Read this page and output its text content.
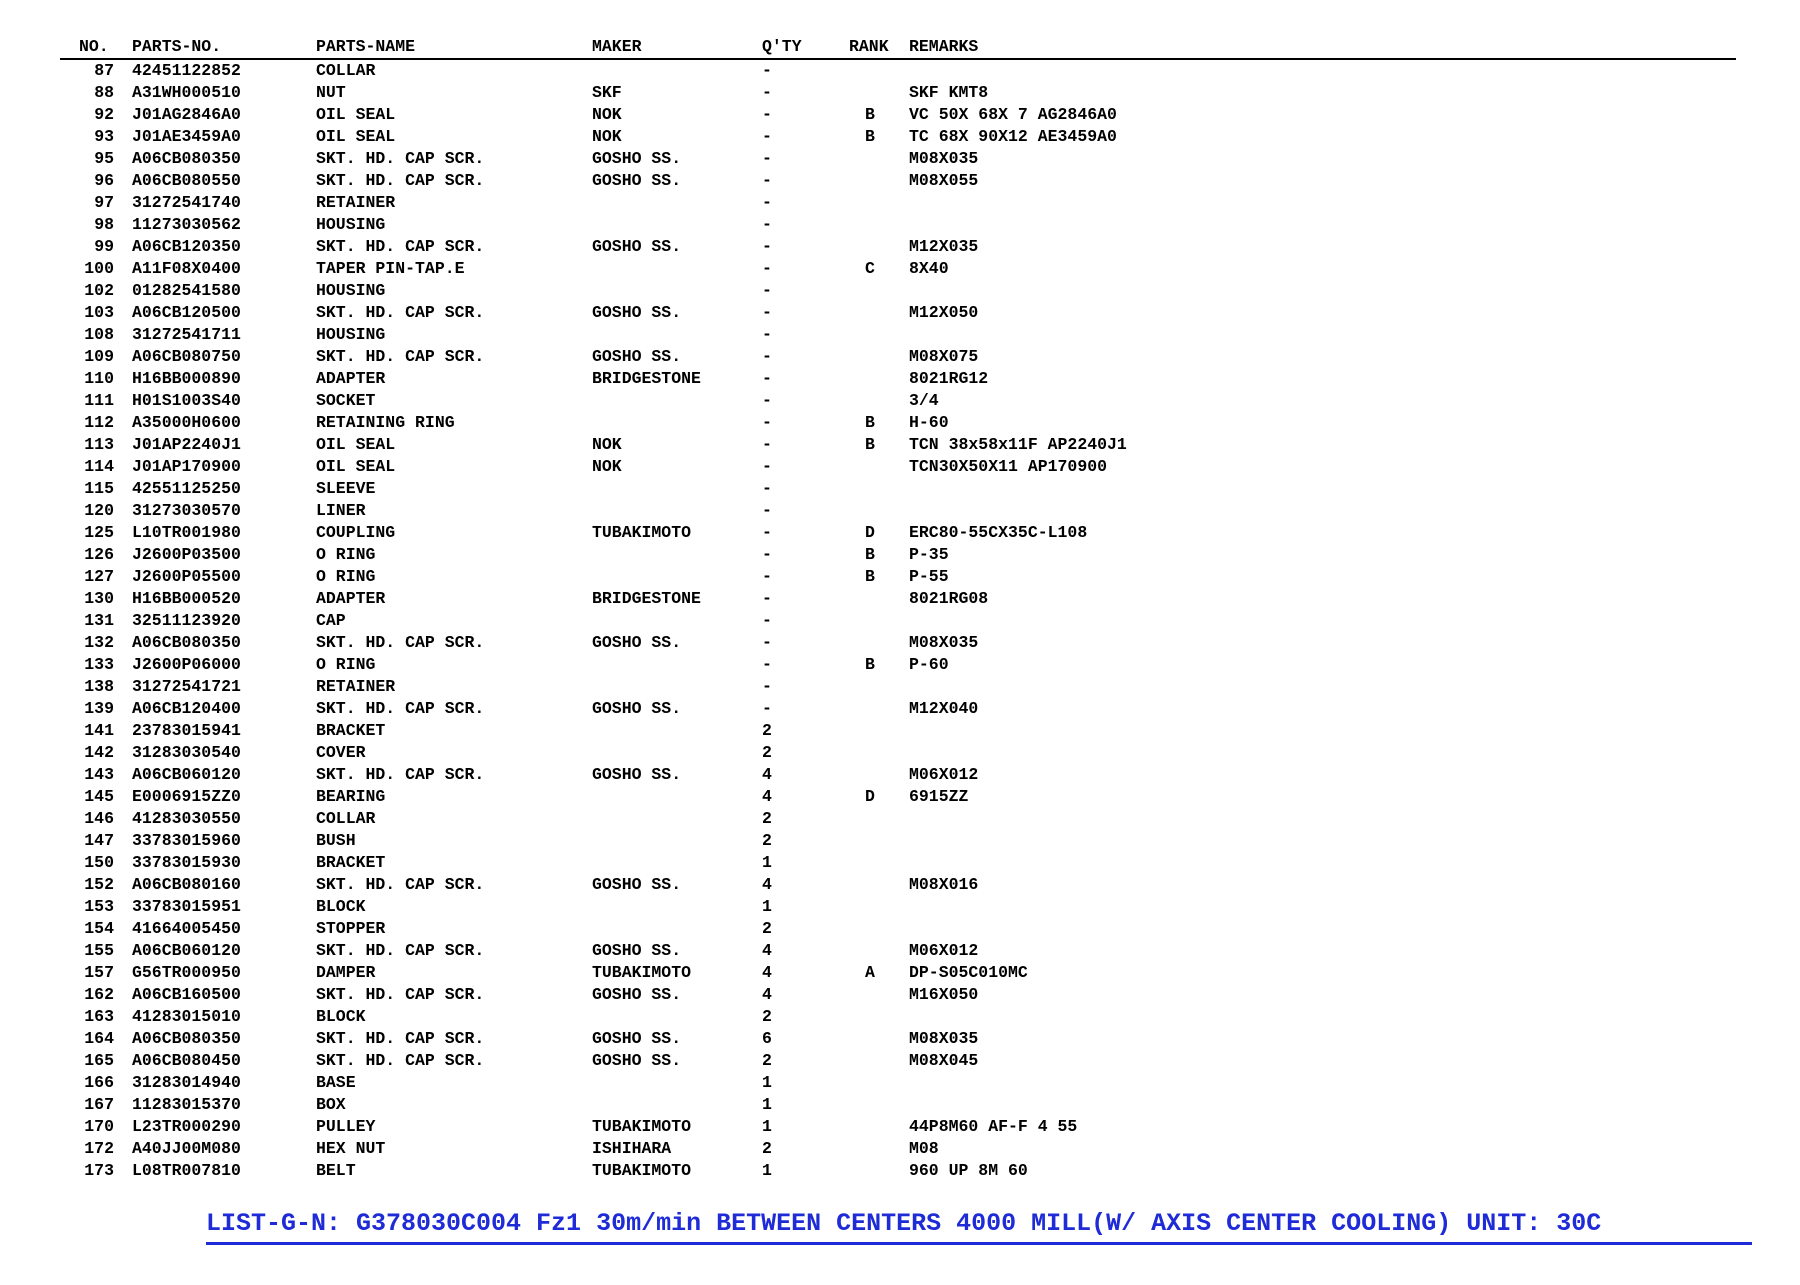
NO.	PARTS-NO.	PARTS-NAME	MAKER	Q'TY	RANK	REMARKS
87	42451122852	COLLAR		-		
88	A31WH000510	NUT	SKF	-		SKF KMT8
92	J01AG2846A0	OIL SEAL	NOK	-	B	VC 50X 68X 7 AG2846A0
93	J01AE3459A0	OIL SEAL	NOK	-	B	TC 68X 90X12 AE3459A0
95	A06CB080350	SKT. HD. CAP SCR.	GOSHO SS.	-		M08X035
96	A06CB080550	SKT. HD. CAP SCR.	GOSHO SS.	-		M08X055
97	31272541740	RETAINER		-		
98	11273030562	HOUSING		-		
99	A06CB120350	SKT. HD. CAP SCR.	GOSHO SS.	-		M12X035
100	A11F08X0400	TAPER PIN-TAP.E		-	C	8X40
102	01282541580	HOUSING		-		
103	A06CB120500	SKT. HD. CAP SCR.	GOSHO SS.	-		M12X050
108	31272541711	HOUSING		-		
109	A06CB080750	SKT. HD. CAP SCR.	GOSHO SS.	-		M08X075
110	H16BB000890	ADAPTER	BRIDGESTONE	-		8021RG12
111	H01S1003S40	SOCKET		-		3/4
112	A35000H0600	RETAINING RING		-	B	H-60
113	J01AP2240J1	OIL SEAL	NOK	-	B	TCN 38x58x11F AP2240J1
114	J01AP170900	OIL SEAL	NOK	-		TCN30X50X11 AP170900
115	42551125250	SLEEVE		-		
120	31273030570	LINER		-		
125	L10TR001980	COUPLING	TUBAKIMOTO	-	D	ERC80-55CX35C-L108
126	J2600P03500	O RING		-	B	P-35
127	J2600P05500	O RING		-	B	P-55
130	H16BB000520	ADAPTER	BRIDGESTONE	-		8021RG08
131	32511123920	CAP		-		
132	A06CB080350	SKT. HD. CAP SCR.	GOSHO SS.	-		M08X035
133	J2600P06000	O RING		-	B	P-60
138	31272541721	RETAINER		-		
139	A06CB120400	SKT. HD. CAP SCR.	GOSHO SS.	-		M12X040
141	23783015941	BRACKET		2		
142	31283030540	COVER		2		
143	A06CB060120	SKT. HD. CAP SCR.	GOSHO SS.	4		M06X012
145	E0006915ZZ0	BEARING		4	D	6915ZZ
146	41283030550	COLLAR		2		
147	33783015960	BUSH		2		
150	33783015930	BRACKET		1		
152	A06CB080160	SKT. HD. CAP SCR.	GOSHO SS.	4		M08X016
153	33783015951	BLOCK		1		
154	41664005450	STOPPER		2		
155	A06CB060120	SKT. HD. CAP SCR.	GOSHO SS.	4		M06X012
157	G56TR000950	DAMPER	TUBAKIMOTO	4	A	DP-S05C010MC
162	A06CB160500	SKT. HD. CAP SCR.	GOSHO SS.	4		M16X050
163	41283015010	BLOCK		2		
164	A06CB080350	SKT. HD. CAP SCR.	GOSHO SS.	6		M08X035
165	A06CB080450	SKT. HD. CAP SCR.	GOSHO SS.	2		M08X045
166	31283014940	BASE		1		
167	11283015370	BOX		1		
170	L23TR000290	PULLEY	TUBAKIMOTO	1		44P8M60 AF-F 4 55
172	A40JJ00M080	HEX NUT	ISHIHARA	2		M08
173	L08TR007810	BELT	TUBAKIMOTO	1		960 UP 8M 60
LIST-G-N: G378030C004 Fz1 30m/min BETWEEN CENTERS 4000 MILL(W/ AXIS CENTER COOLING) UNIT: 30C
